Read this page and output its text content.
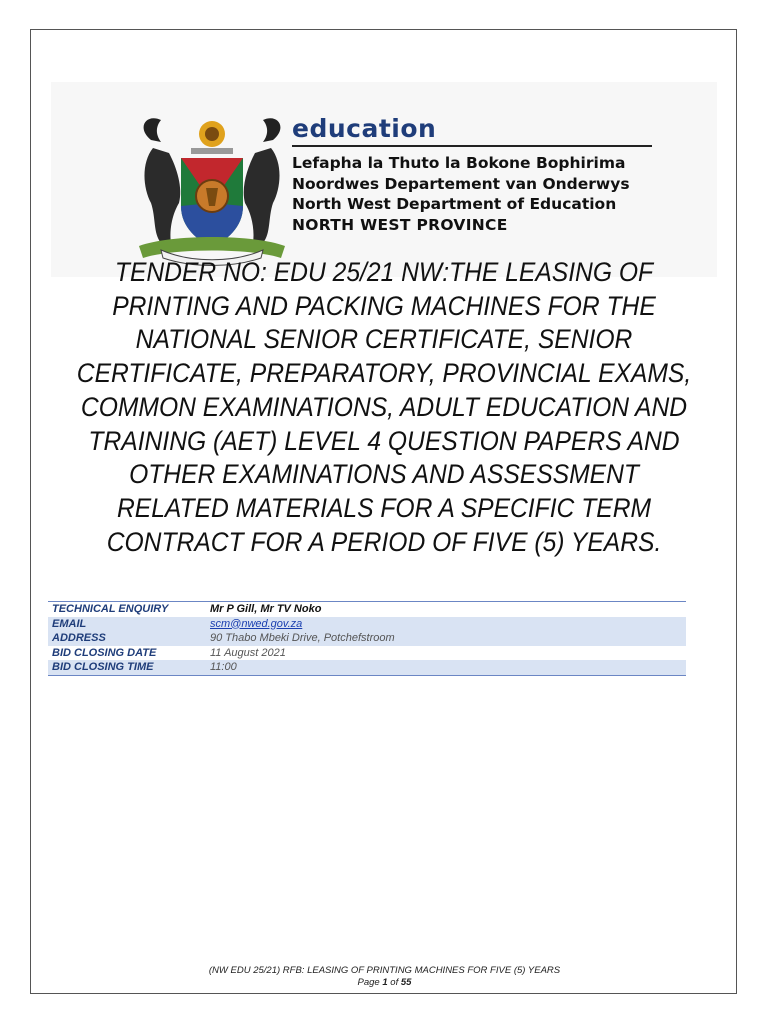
education
Lefapha la Thuto la Bokone Bophirima
Noordwes Departement van Onderwys
North West Department of Education
NORTH WEST PROVINCE
TENDER NO: EDU 25/21 NW:THE LEASING OF PRINTING AND PACKING MACHINES FOR THE NATIONAL SENIOR CERTIFICATE, SENIOR CERTIFICATE, PREPARATORY, PROVINCIAL EXAMS, COMMON EXAMINATIONS, ADULT EDUCATION AND TRAINING (AET) LEVEL 4 QUESTION PAPERS AND OTHER EXAMINATIONS AND ASSESSMENT RELATED MATERIALS FOR A SPECIFIC TERM CONTRACT FOR A PERIOD OF FIVE (5) YEARS.
TECHNICAL ENQUIRY	Mr P Gill, Mr TV Noko
EMAIL	scm@nwed.gov.za
ADDRESS	90 Thabo Mbeki Drive, Potchefstroom
BID CLOSING DATE	11 August 2021
BID CLOSING TIME	11:00
(NW EDU 25/21) RFB: LEASING OF PRINTING MACHINES FOR FIVE (5) YEARS
Page 1 of 55
